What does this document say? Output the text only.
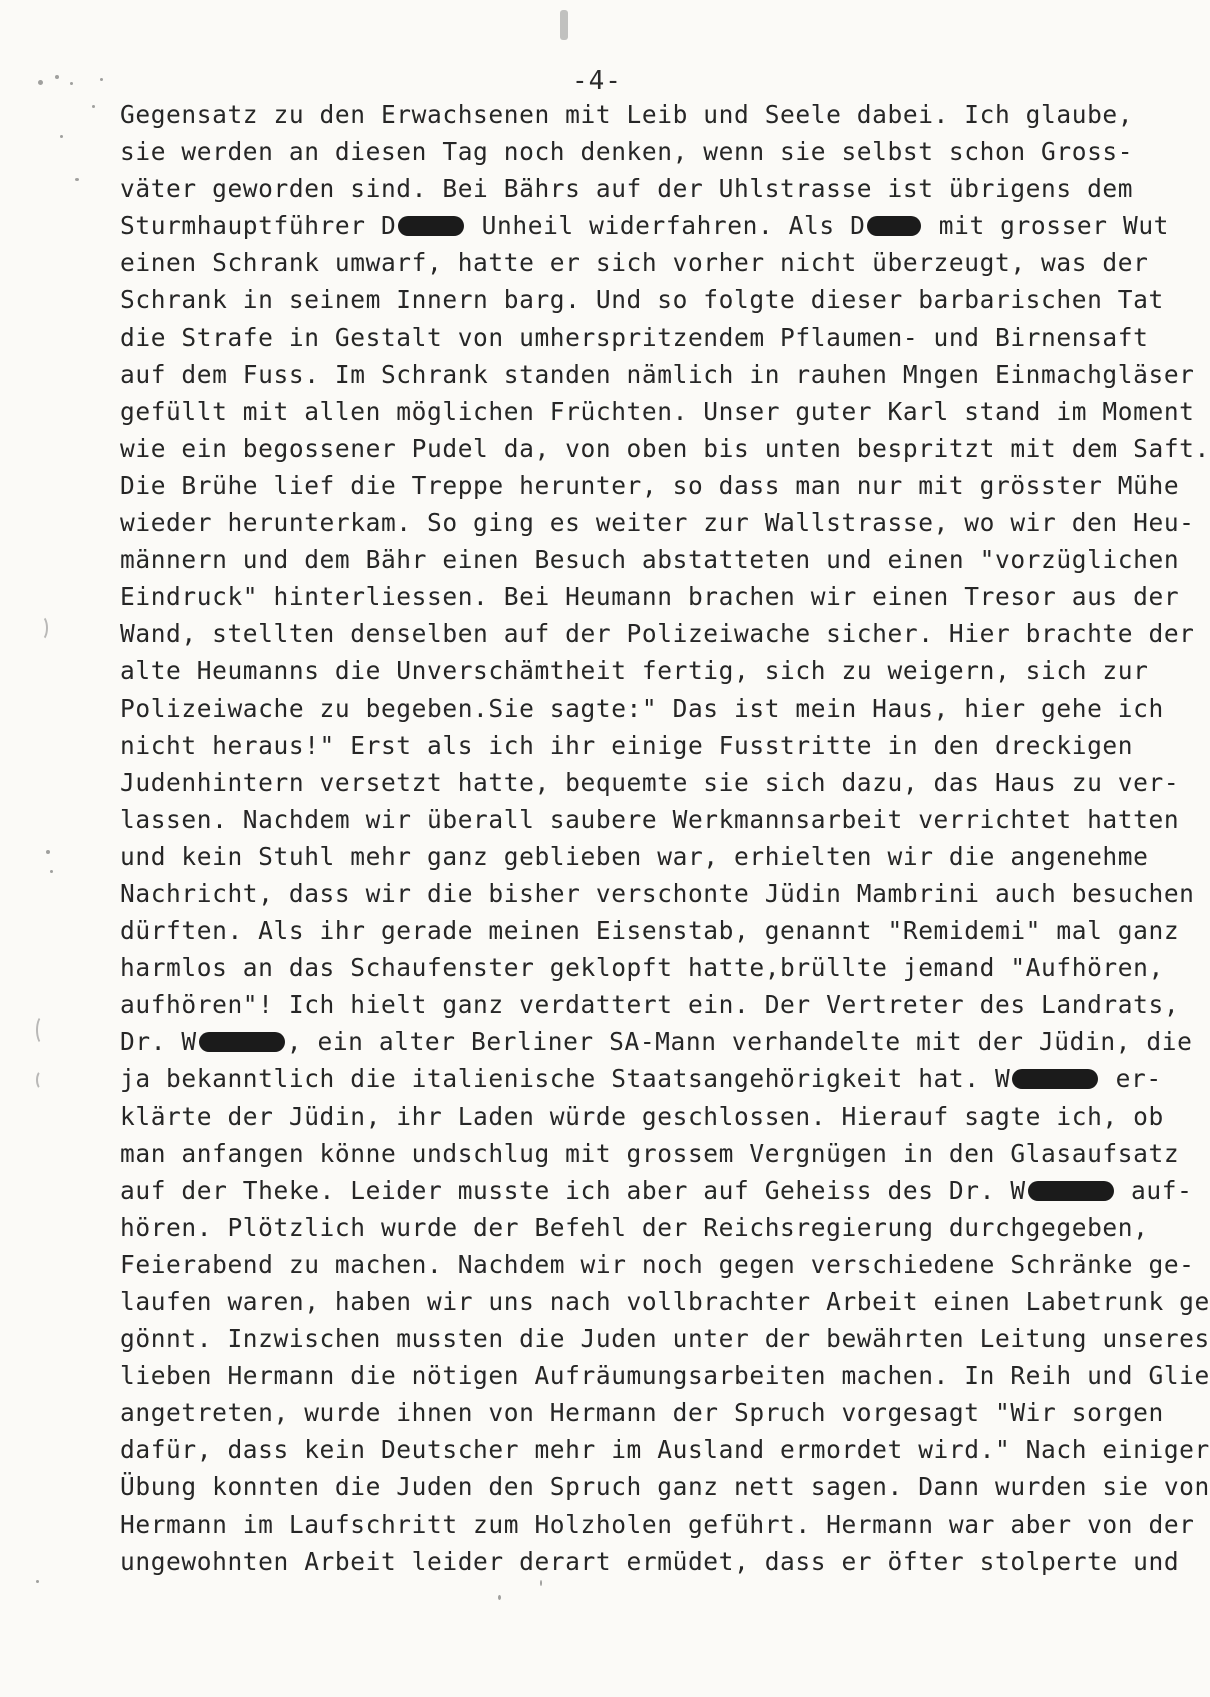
-4-
Gegensatz zu den Erwachsenen mit Leib und Seele dabei. Ich glaube,
sie werden an diesen Tag noch denken, wenn sie selbst schon Gross-
väter geworden sind. Bei Bährs auf der Uhlstrasse ist übrigens dem
Sturmhauptführer D	Unheil widerfahren. Als D mit grosser Wut
einen Schrank umwarf, hatte er sich vorher nicht überzeugt, was der
Schrank in seinem Innern barg. Und so folgte dieser barbarischen Tat
die Strafe in Gestalt von umherspritzendem Pflaumen- und Birnensaft
auf dem Fuss. Im Schrank standen nämlich in rauhen Mngen Einmachgläser
gefüllt mit allen möglichen Früchten. Unser guter Karl stand im Moment
wie ein begossener Pudel da, von oben bis unten bespritzt mit dem Saft.
Die Brühe lief die Treppe herunter, so dass man nur mit grösster Mühe
wieder herunterkam. So ging es weiter zur Wallstrasse, wo wir den Heu-
männern und dem Bähr einen Besuch abstatteten und einen "vorzüglichen
Eindruck" hinterliessen. Bei Heumann brachen wir einen Tresor aus der
Wand, stellten denselben auf der Polizeiwache sicher. Hier brachte der
alte Heumanns die Unverschämtheit fertig, sich zu weigern, sich zur
Polizeiwache zu begeben.Sie sagte:" Das ist mein Haus, hier gehe ich
nicht heraus!" Erst als ich ihr einige Fusstritte in den dreckigen
Judenhintern versetzt hatte, bequemte sie sich dazu, das Haus zu ver-
lassen. Nachdem wir überall saubere Werkmannsarbeit verrichtet hatten
und kein Stuhl mehr ganz geblieben war, erhielten wir die angenehme
Nachricht, dass wir die bisher verschonte Jüdin Mambrini auch besuchen
dürften. Als ihr gerade meinen Eisenstab, genannt "Remidemi" mal ganz
harmlos an das Schaufenster geklopft hatte,brüllte jemand "Aufhören,
aufhören"! Ich hielt ganz verdattert ein. Der Vertreter des Landrats,
Dr. W	, ein alter Berliner SA-Mann verhandelte mit der Jüdin, die
ja bekanntlich die italienische Staatsangehörigkeit hat. W	er-
klärte der Jüdin, ihr Laden würde geschlossen. Hierauf sagte ich, ob
man anfangen könne undschlug mit grossem Vergnügen in den Glasaufsatz
auf der Theke. Leider musste ich aber auf Geheiss des Dr. W	auf-
hören. Plötzlich wurde der Befehl der Reichsregierung durchgegeben,
Feierabend zu machen. Nachdem wir noch gegen verschiedene Schränke ge-
laufen waren, haben wir uns nach vollbrachter Arbeit einen Labetrunk ge
gönnt. Inzwischen mussten die Juden unter der bewährten Leitung unseres
lieben Hermann die nötigen Aufräumungsarbeiten machen. In Reih und Glie
angetreten, wurde ihnen von Hermann der Spruch vorgesagt "Wir sorgen
dafür, dass kein Deutscher mehr im Ausland ermordet wird." Nach einiger
Übung konnten die Juden den Spruch ganz nett sagen. Dann wurden sie von
Hermann im Laufschritt zum Holzholen geführt. Hermann war aber von der
ungewohnten Arbeit leider derart ermüdet, dass er öfter stolperte und
